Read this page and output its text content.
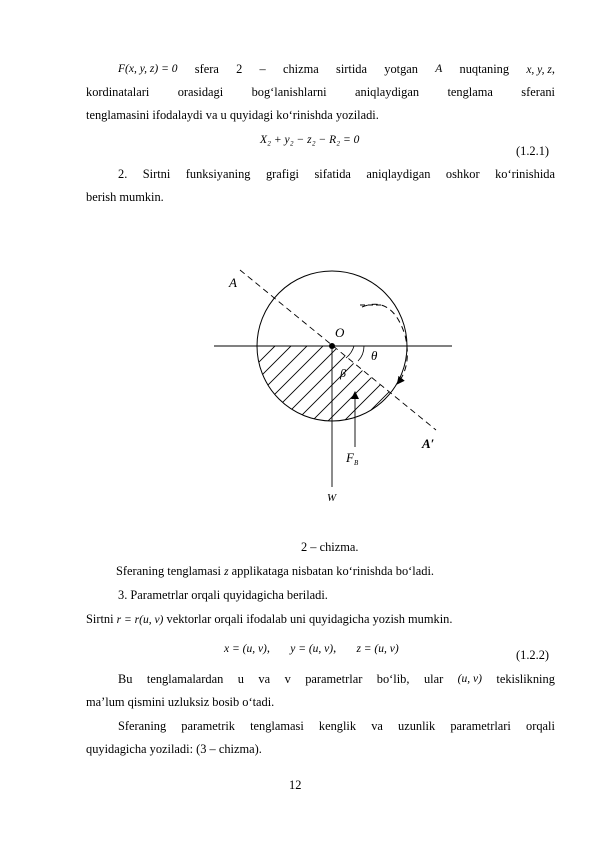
F(x, y, z) = 0 sfera 2 – chizma sirtida yotgan A nuqtaning x, y, z,
kordinatalari orasidagi bog‘lanishlarni aniqlaydigan tenglama sferani
tenglamasini ifodalaydi va u quyidagi ko‘rinishda yoziladi.
X₂ + y₂ − z₂ − R₂ = 0
(1.2.1)
2. Sirtni funksiyaning grafigi sifatida aniqlaydigan oshkor ko‘rinishida
berish mumkin.
A
O
θ
β
$F_B$
A′
W
2 – chizma.
Sferaning tenglamasi z applikataga nisbatan ko‘rinishda bo‘ladi.
3. Parametrlar orqali quyidagicha beriladi.
Sirtni r = r(u, v) vektorlar orqali ifodalab uni quyidagicha yozish mumkin.
x = (u, v), y = (u, v), z = (u, v)	(1.2.2)
Bu tenglamalardan u va v parametrlar bo‘lib, ular (u, v) tekislikning
ma’lum qismini uzluksiz bosib o‘tadi.
Sferaning parametrik tenglamasi kenglik va uzunlik parametrlari orqali
quyidagicha yoziladi: (3 – chizma).
12
